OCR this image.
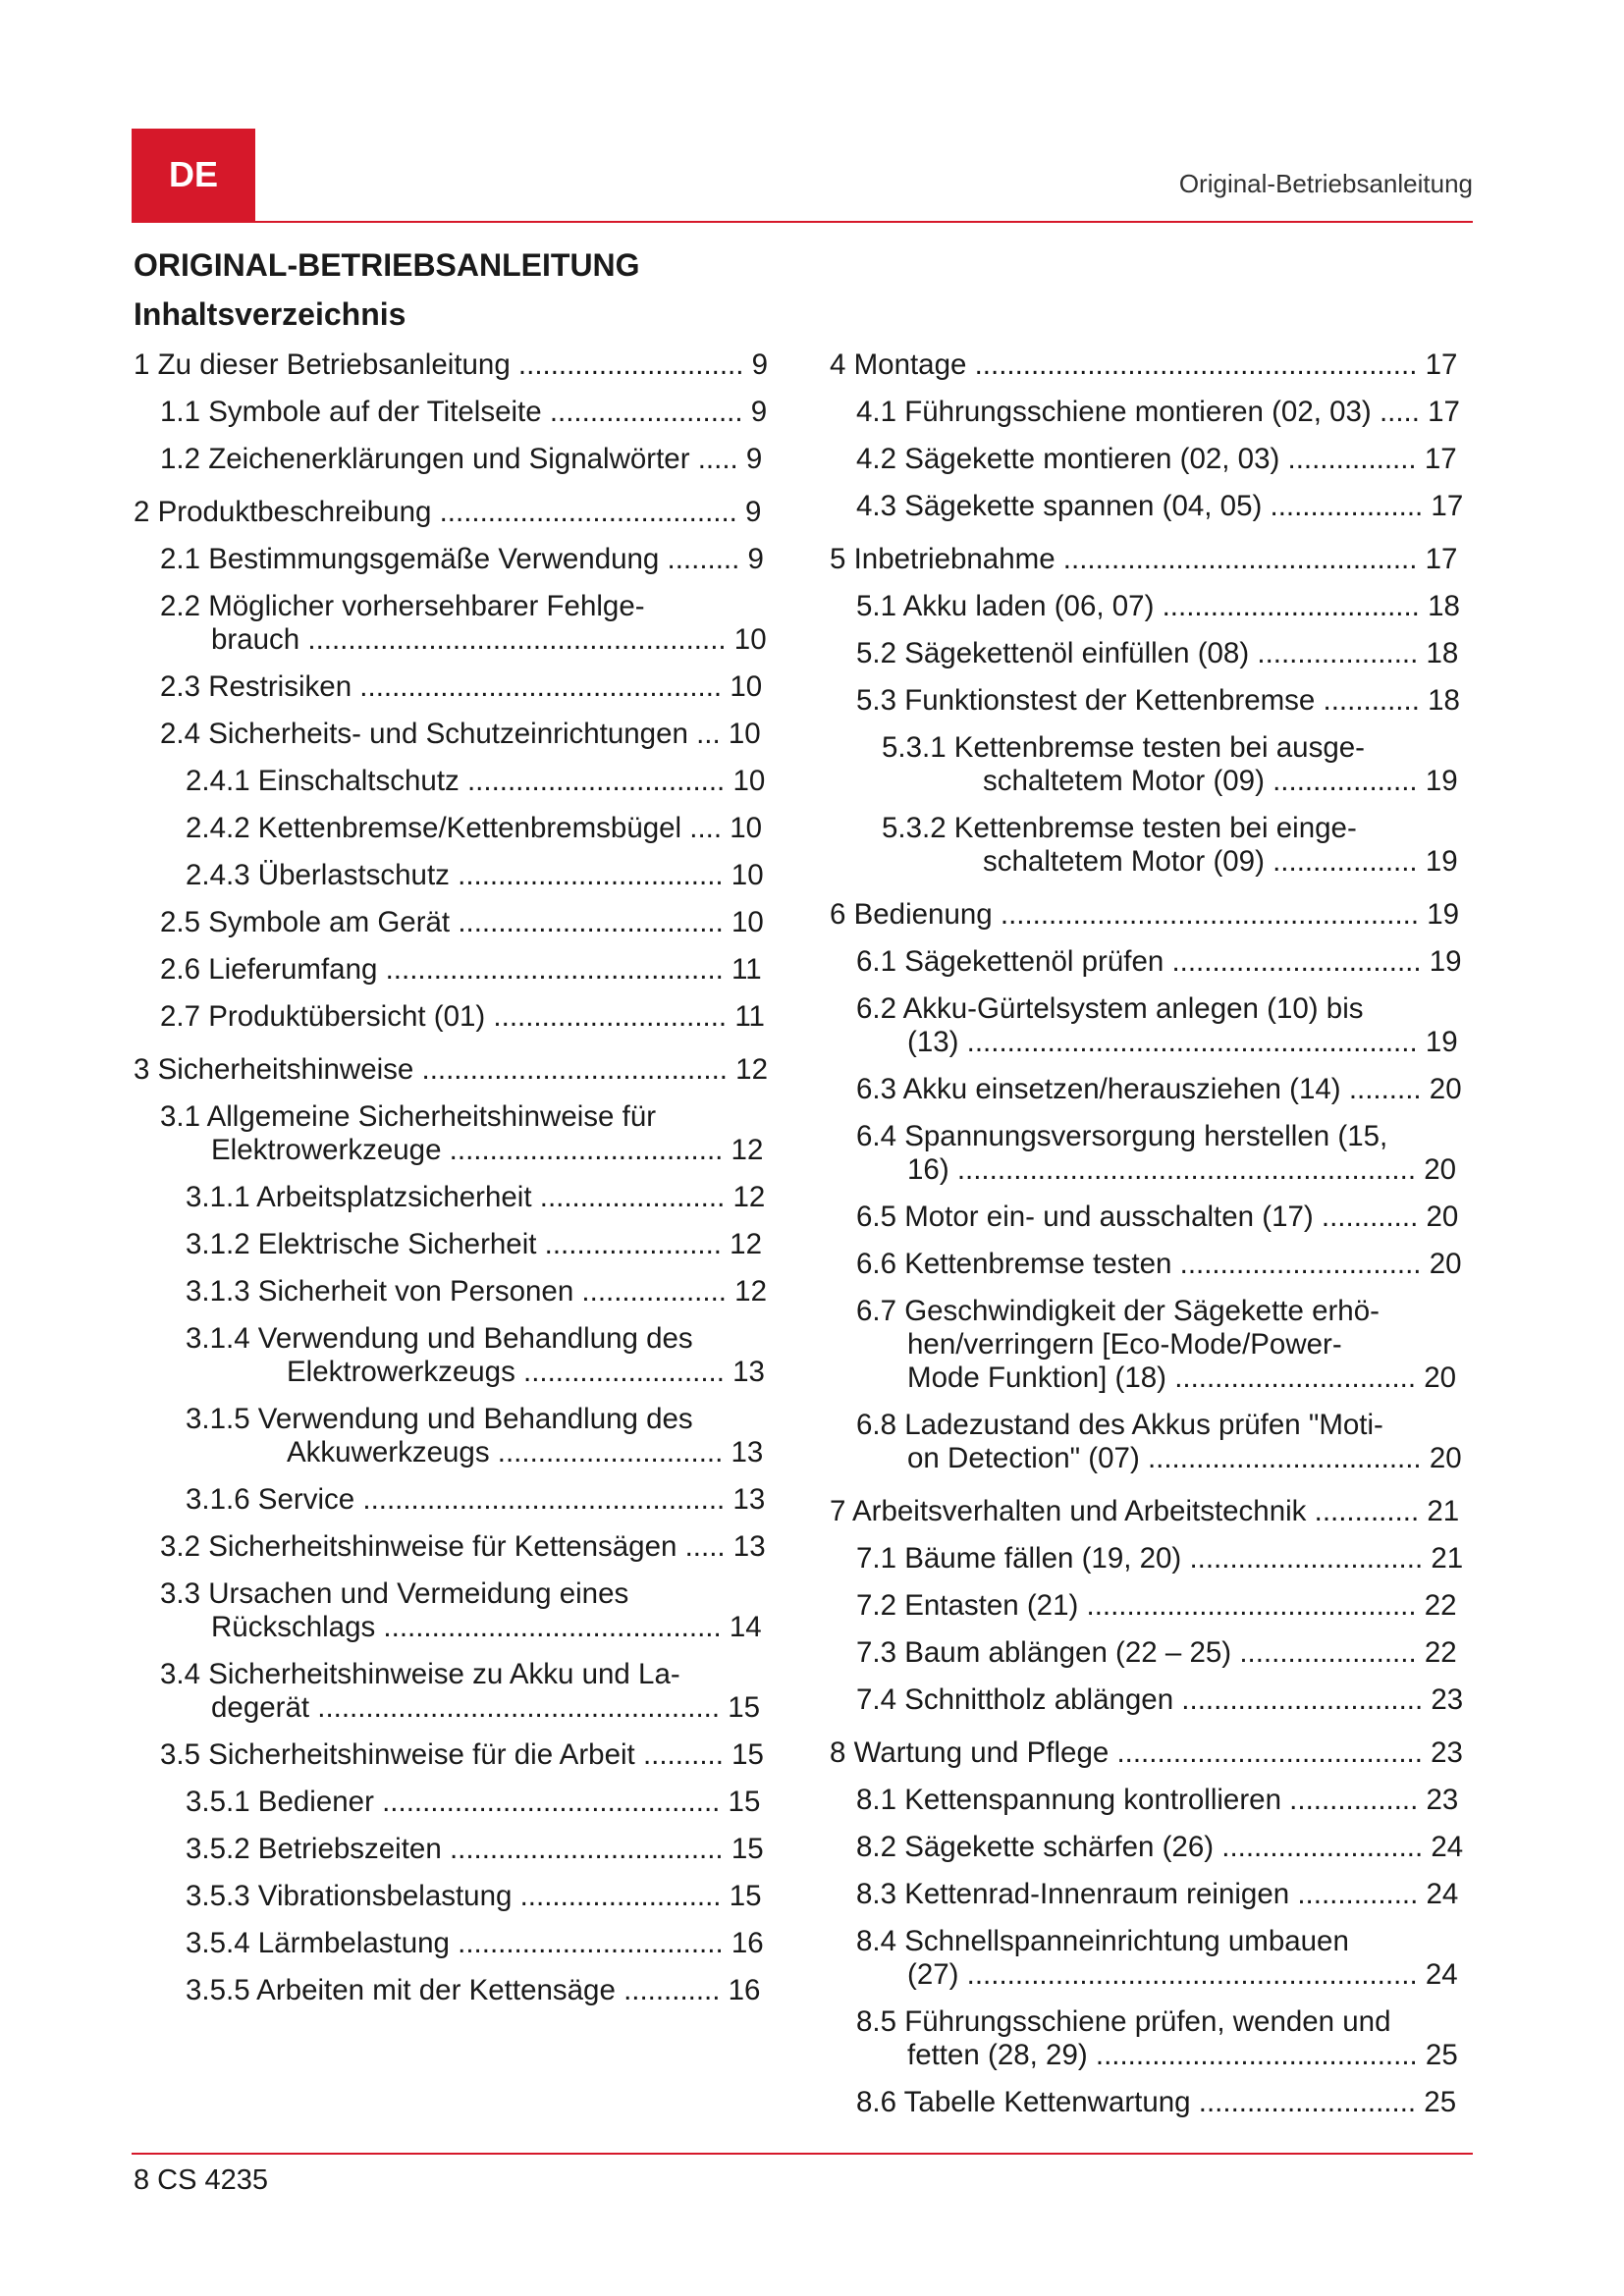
DE	Original-Betriebsanleitung
ORIGINAL-BETRIEBSANLEITUNG
Inhaltsverzeichnis
1 Zu dieser Betriebsanleitung ............................ 9
1.1 Symbole auf der Titelseite ........................ 9
1.2 Zeichenerklärungen und Signalwörter ..... 9
2 Produktbeschreibung ..................................... 9
2.1 Bestimmungsgemäße Verwendung ......... 9
2.2 Möglicher vorhersehbarer Fehlge-
brauch .................................................... 10
2.3 Restrisiken ............................................. 10
2.4 Sicherheits- und Schutzeinrichtungen ... 10
2.4.1 Einschaltschutz ................................ 10
2.4.2 Kettenbremse/Kettenbremsbügel .... 10
2.4.3 Überlastschutz ................................. 10
2.5 Symbole am Gerät ................................. 10
2.6 Lieferumfang .......................................... 11
2.7 Produktübersicht (01) ............................. 11
3 Sicherheitshinweise ...................................... 12
3.1 Allgemeine Sicherheitshinweise für
Elektrowerkzeuge .................................. 12
3.1.1 Arbeitsplatzsicherheit ....................... 12
3.1.2 Elektrische Sicherheit ...................... 12
3.1.3 Sicherheit von Personen .................. 12
3.1.4 Verwendung und Behandlung des
Elektrowerkzeugs ......................... 13
3.1.5 Verwendung und Behandlung des
Akkuwerkzeugs ............................ 13
3.1.6 Service ............................................. 13
3.2 Sicherheitshinweise für Kettensägen ..... 13
3.3 Ursachen und Vermeidung eines
Rückschlags .......................................... 14
3.4 Sicherheitshinweise zu Akku und La-
degerät .................................................. 15
3.5 Sicherheitshinweise für die Arbeit .......... 15
3.5.1 Bediener .......................................... 15
3.5.2 Betriebszeiten .................................. 15
3.5.3 Vibrationsbelastung ......................... 15
3.5.4 Lärmbelastung ................................. 16
3.5.5 Arbeiten mit der Kettensäge ............ 16
4 Montage ....................................................... 17
4.1 Führungsschiene montieren (02, 03) ..... 17
4.2 Sägekette montieren (02, 03) ................ 17
4.3 Sägekette spannen (04, 05) ................... 17
5 Inbetriebnahme ............................................ 17
5.1 Akku laden (06, 07) ................................ 18
5.2 Sägekettenöl einfüllen (08) .................... 18
5.3 Funktionstest der Kettenbremse ............ 18
5.3.1 Kettenbremse testen bei ausge-
schaltetem Motor (09) .................. 19
5.3.2 Kettenbremse testen bei einge-
schaltetem Motor (09) .................. 19
6 Bedienung .................................................... 19
6.1 Sägekettenöl prüfen ............................... 19
6.2 Akku-Gürtelsystem anlegen (10) bis
(13) ........................................................ 19
6.3 Akku einsetzen/herausziehen (14) ......... 20
6.4 Spannungsversorgung herstellen (15,
16) ......................................................... 20
6.5 Motor ein- und ausschalten (17) ............ 20
6.6 Kettenbremse testen .............................. 20
6.7 Geschwindigkeit der Sägekette erhö-
hen/verringern [Eco-Mode/Power-
Mode Funktion] (18) .............................. 20
6.8 Ladezustand des Akkus prüfen "Moti-
on Detection" (07) .................................. 20
7 Arbeitsverhalten und Arbeitstechnik ............. 21
7.1 Bäume fällen (19, 20) ............................. 21
7.2 Entasten (21) ......................................... 22
7.3 Baum ablängen (22 – 25) ...................... 22
7.4 Schnittholz ablängen .............................. 23
8 Wartung und Pflege ...................................... 23
8.1 Kettenspannung kontrollieren ................ 23
8.2 Sägekette schärfen (26) ......................... 24
8.3 Kettenrad-Innenraum reinigen ............... 24
8.4 Schnellspanneinrichtung umbauen
(27) ........................................................ 24
8.5 Führungsschiene prüfen, wenden und
fetten (28, 29) ........................................ 25
8.6 Tabelle Kettenwartung ........................... 25
8 CS 4235
